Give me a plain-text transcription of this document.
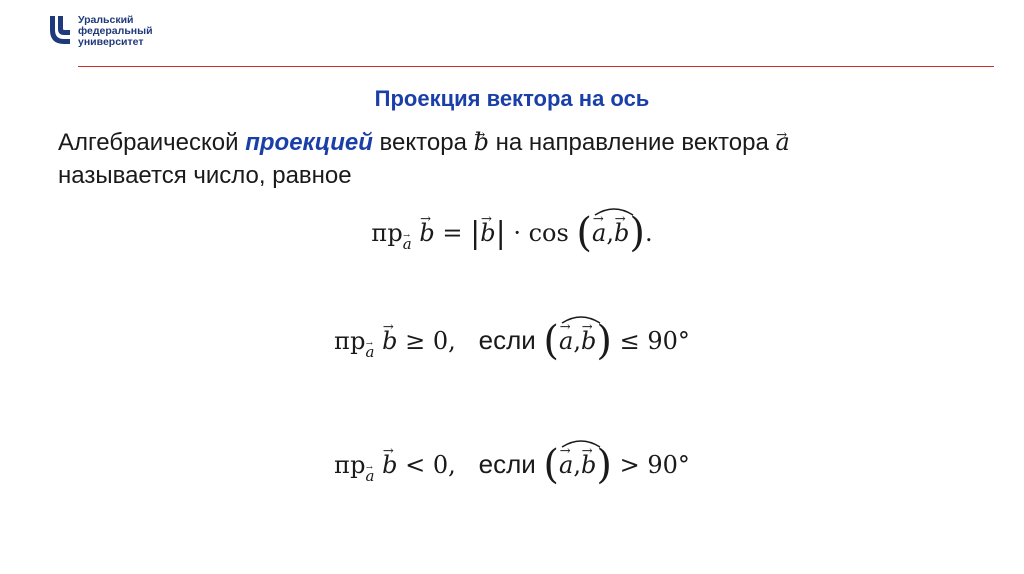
Уральский
федеральный
университет
Проекция вектора на ось
Алгебраической проекцией вектора → b на направление вектора → a
называется число, равное
пр→ a → b = |→ b| · cos (
→ a,→ b).
пр→ a → b ≥ 0, если (
→ a,→ b) ≤ 90°
пр→ a → b < 0, если (
→ a,→ b) > 90°
